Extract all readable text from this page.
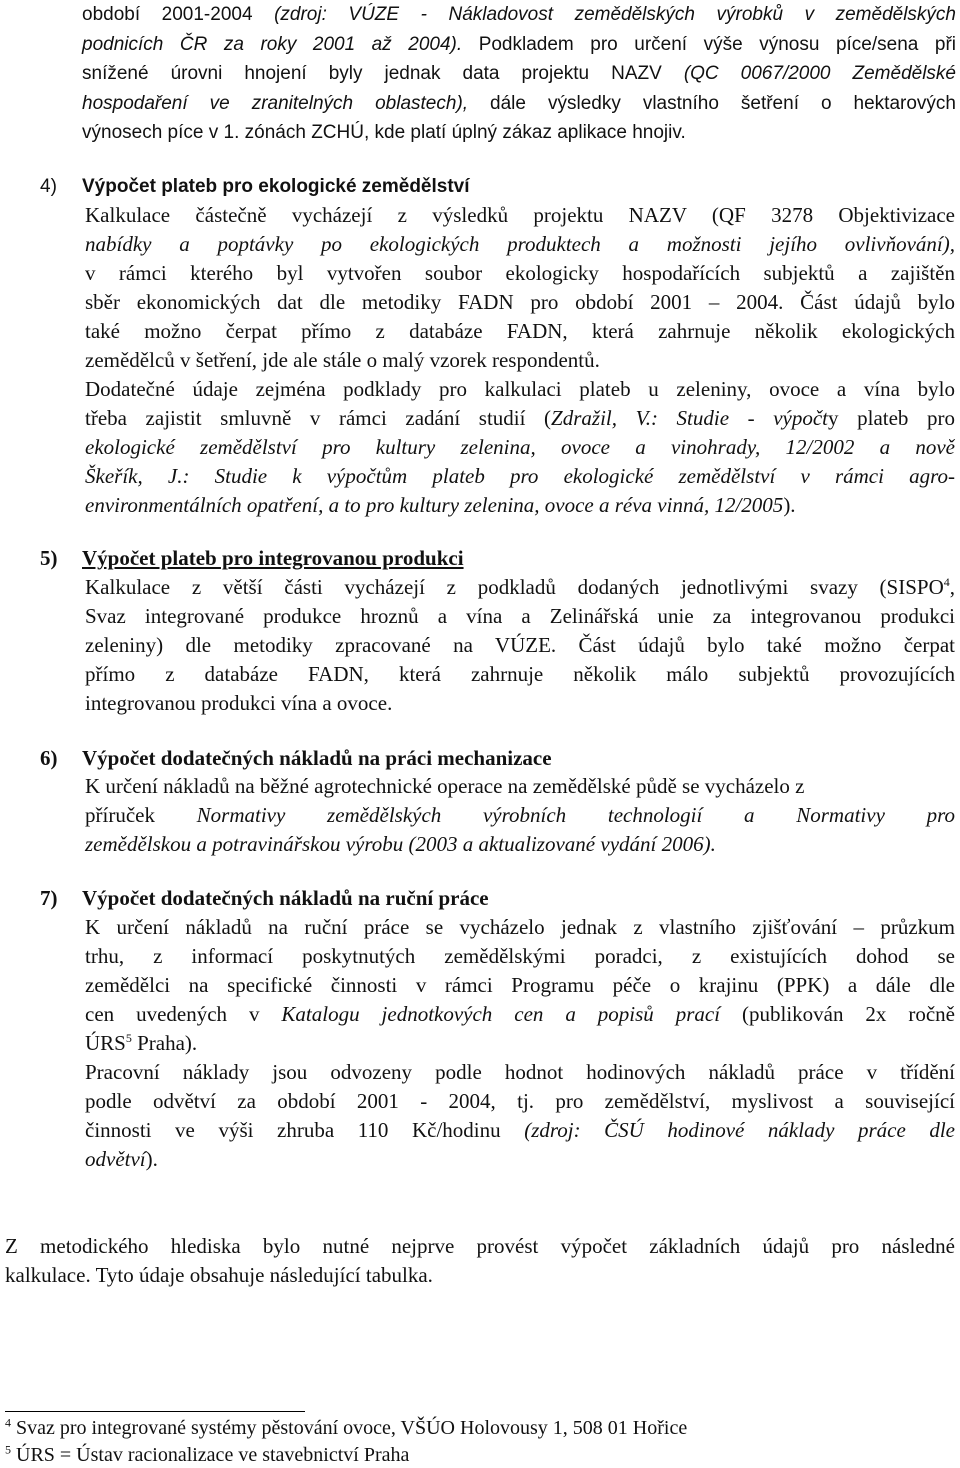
období 2001-2004 (zdroj: VÚZE - Nákladovost zemědělských výrobků v zemědělských
podnicích ČR za roky 2001 až 2004). Podkladem pro určení výše výnosu píce/sena při
snížené úrovni hnojení byly jednak data projektu NAZV (QC 0067/2000 Zemědělské
hospodaření ve zranitelných oblastech), dále výsledky vlastního šetření o hektarových
výnosech píce v 1. zónách ZCHÚ, kde platí úplný zákaz aplikace hnojiv.
4) Výpočet plateb pro ekologické zemědělství
Kalkulace částečně vycházejí z výsledků projektu NAZV (QF 3278 Objektivizace
nabídky a poptávky po ekologických produktech a možnosti jejího ovlivňování),
v rámci kterého byl vytvořen soubor ekologicky hospodařících subjektů a zajištěn
sběr ekonomických dat dle metodiky FADN pro období 2001 – 2004. Část údajů bylo
také možno čerpat přímo z databáze FADN, která zahrnuje několik ekologických
zemědělců v šetření, jde ale stále o malý vzorek respondentů.
Dodatečné údaje zejména podklady pro kalkulaci plateb u zeleniny, ovoce a vína bylo
třeba zajistit smluvně v rámci zadání studií (Zdražil, V.: Studie - výpočty plateb pro
ekologické zemědělství pro kultury zelenina, ovoce a vinohrady, 12/2002 a nově
Škeřík, J.: Studie k výpočtům plateb pro ekologické zemědělství v rámci agro-
environmentálních opatření, a to pro kultury zelenina, ovoce a réva vinná, 12/2005).
5) Výpočet plateb pro integrovanou produkci
Kalkulace z větší části vycházejí z podkladů dodaných jednotlivými svazy (SISPO$^4$,
Svaz integrované produkce hroznů a vína a Zelinářská unie za integrovanou produkci
zeleniny) dle metodiky zpracované na VÚZE. Část údajů bylo také možno čerpat
přímo z databáze FADN, která zahrnuje několik málo subjektů provozujících
integrovanou produkci vína a ovoce.
6) Výpočet dodatečných nákladů na práci mechanizace
K určení nákladů na běžné agrotechnické operace na zemědělské půdě se vycházelo z
příruček Normativy zemědělských výrobních technologií a Normativy pro
zemědělskou a potravinářskou výrobu (2003 a aktualizované vydání 2006).
7) Výpočet dodatečných nákladů na ruční práce
K určení nákladů na ruční práce se vycházelo jednak z vlastního zjišťování – průzkum
trhu, z informací poskytnutých zemědělskými poradci, z existujících dohod se
zemědělci na specifické činnosti v rámci Programu péče o krajinu (PPK) a dále dle
cen uvedených v Katalogu jednotkových cen a popisů prací (publikován 2x ročně
ÚRS$^5$ Praha).
Pracovní náklady jsou odvozeny podle hodnot hodinových nákladů práce v třídění
podle odvětví za období 2001 - 2004, tj. pro zemědělství, myslivost a související
činnosti ve výši zhruba 110 Kč/hodinu (zdroj: ČSÚ hodinové náklady práce dle
odvětví).
Z metodického hlediska bylo nutné nejprve provést výpočet základních údajů pro následné
kalkulace. Tyto údaje obsahuje následující tabulka.
$^4$ Svaz pro integrované systémy pěstování ovoce, VŠÚO Holovousy 1, 508 01 Hořice
$^5$ ÚRS = Ústav racionalizace ve stavebnictví Praha
